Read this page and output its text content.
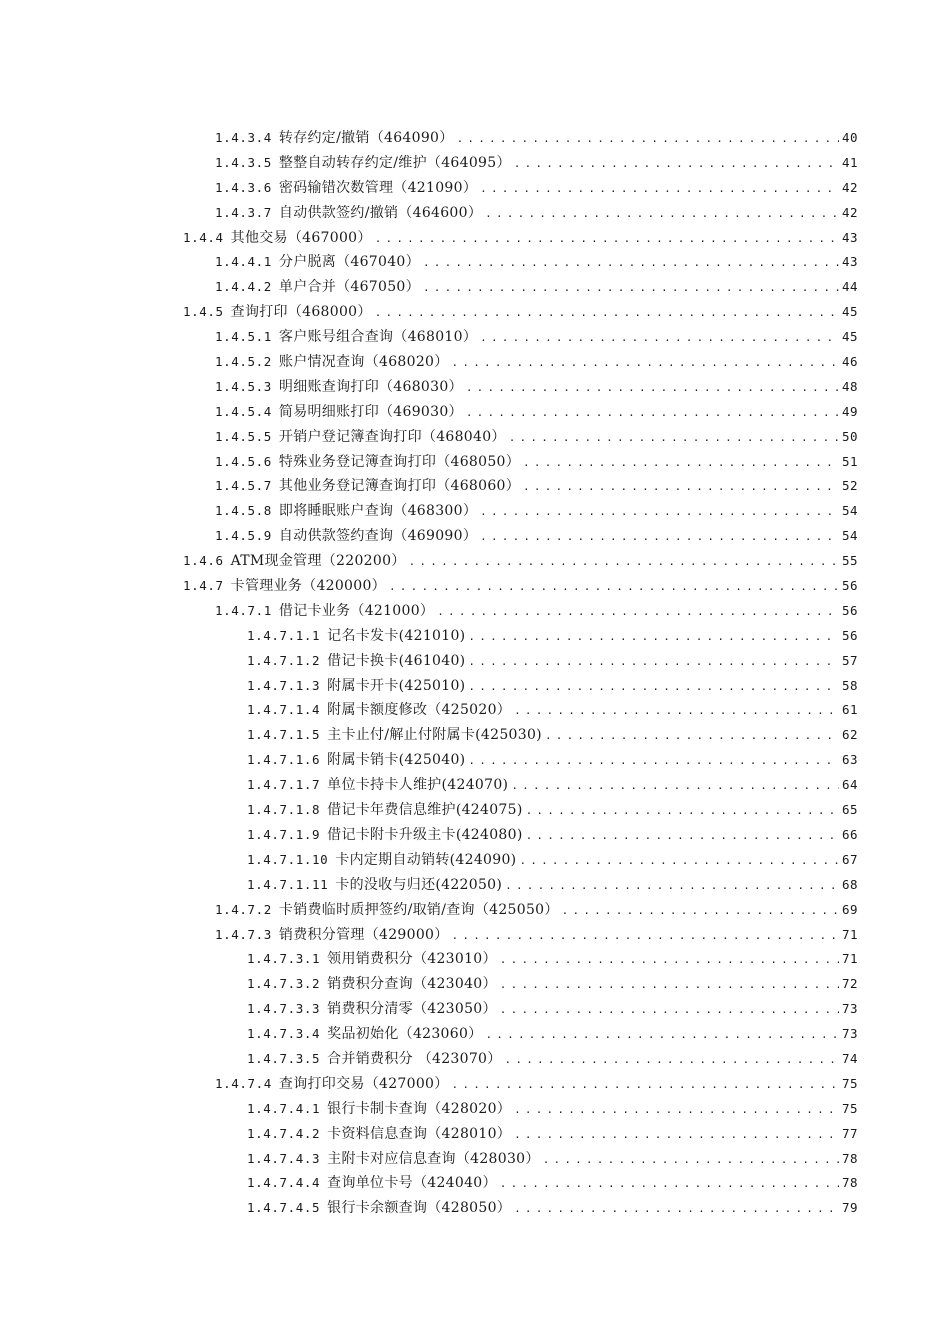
1.4.3.4 转存约定/撤销（464090） .....	40
1.4.3.5 整整自动转存约定/维护（464095） .....	41
1.4.3.6 密码输错次数管理（421090） .....	42
1.4.3.7 自动供款签约/撤销（464600） .....	42
1.4.4 其他交易（467000） .....	43
1.4.4.1 分户脱离（467040） .....	43
1.4.4.2 单户合并（467050） .....	44
1.4.5 查询打印（468000） .....	45
1.4.5.1 客户账号组合查询（468010） .....	45
1.4.5.2 账户情况查询（468020） .....	46
1.4.5.3 明细账查询打印（468030） .....	48
1.4.5.4 简易明细账打印（469030） .....	49
1.4.5.5 开销户登记簿查询打印（468040） .....	50
1.4.5.6 特殊业务登记簿查询打印（468050） .....	51
1.4.5.7 其他业务登记簿查询打印（468060） .....	52
1.4.5.8 即将睡眠账户查询（468300） .....	54
1.4.5.9 自动供款签约查询（469090） .....	54
1.4.6 ATM现金管理（220200） .....	55
1.4.7 卡管理业务（420000） .....	56
1.4.7.1 借记卡业务（421000） .....	56
1.4.7.1.1 记名卡发卡(421010) .....	56
1.4.7.1.2 借记卡换卡(461040) .....	57
1.4.7.1.3 附属卡开卡(425010) .....	58
1.4.7.1.4 附属卡额度修改（425020） .....	61
1.4.7.1.5 主卡止付/解止付附属卡(425030) .....	62
1.4.7.1.6 附属卡销卡(425040) .....	63
1.4.7.1.7 单位卡持卡人维护(424070) .....	64
1.4.7.1.8 借记卡年费信息维护(424075) .....	65
1.4.7.1.9 借记卡附卡升级主卡(424080) .....	66
1.4.7.1.10 卡内定期自动销转(424090) .....	67
1.4.7.1.11 卡的没收与归还(422050) .....	68
1.4.7.2 卡销费临时质押签约/取销/查询（425050） .....	69
1.4.7.3 销费积分管理（429000） .....	71
1.4.7.3.1 领用销费积分（423010） .....	71
1.4.7.3.2 销费积分查询（423040） .....	72
1.4.7.3.3 销费积分清零（423050） .....	73
1.4.7.3.4 奖品初始化（423060） .....	73
1.4.7.3.5 合并销费积分 （423070） .....	74
1.4.7.4 查询打印交易（427000） .....	75
1.4.7.4.1 银行卡制卡查询（428020） .....	75
1.4.7.4.2 卡资料信息查询（428010） .....	77
1.4.7.4.3 主附卡对应信息查询（428030） .....	78
1.4.7.4.4 查询单位卡号（424040） .....	78
1.4.7.4.5 银行卡余额查询（428050） .....	79
